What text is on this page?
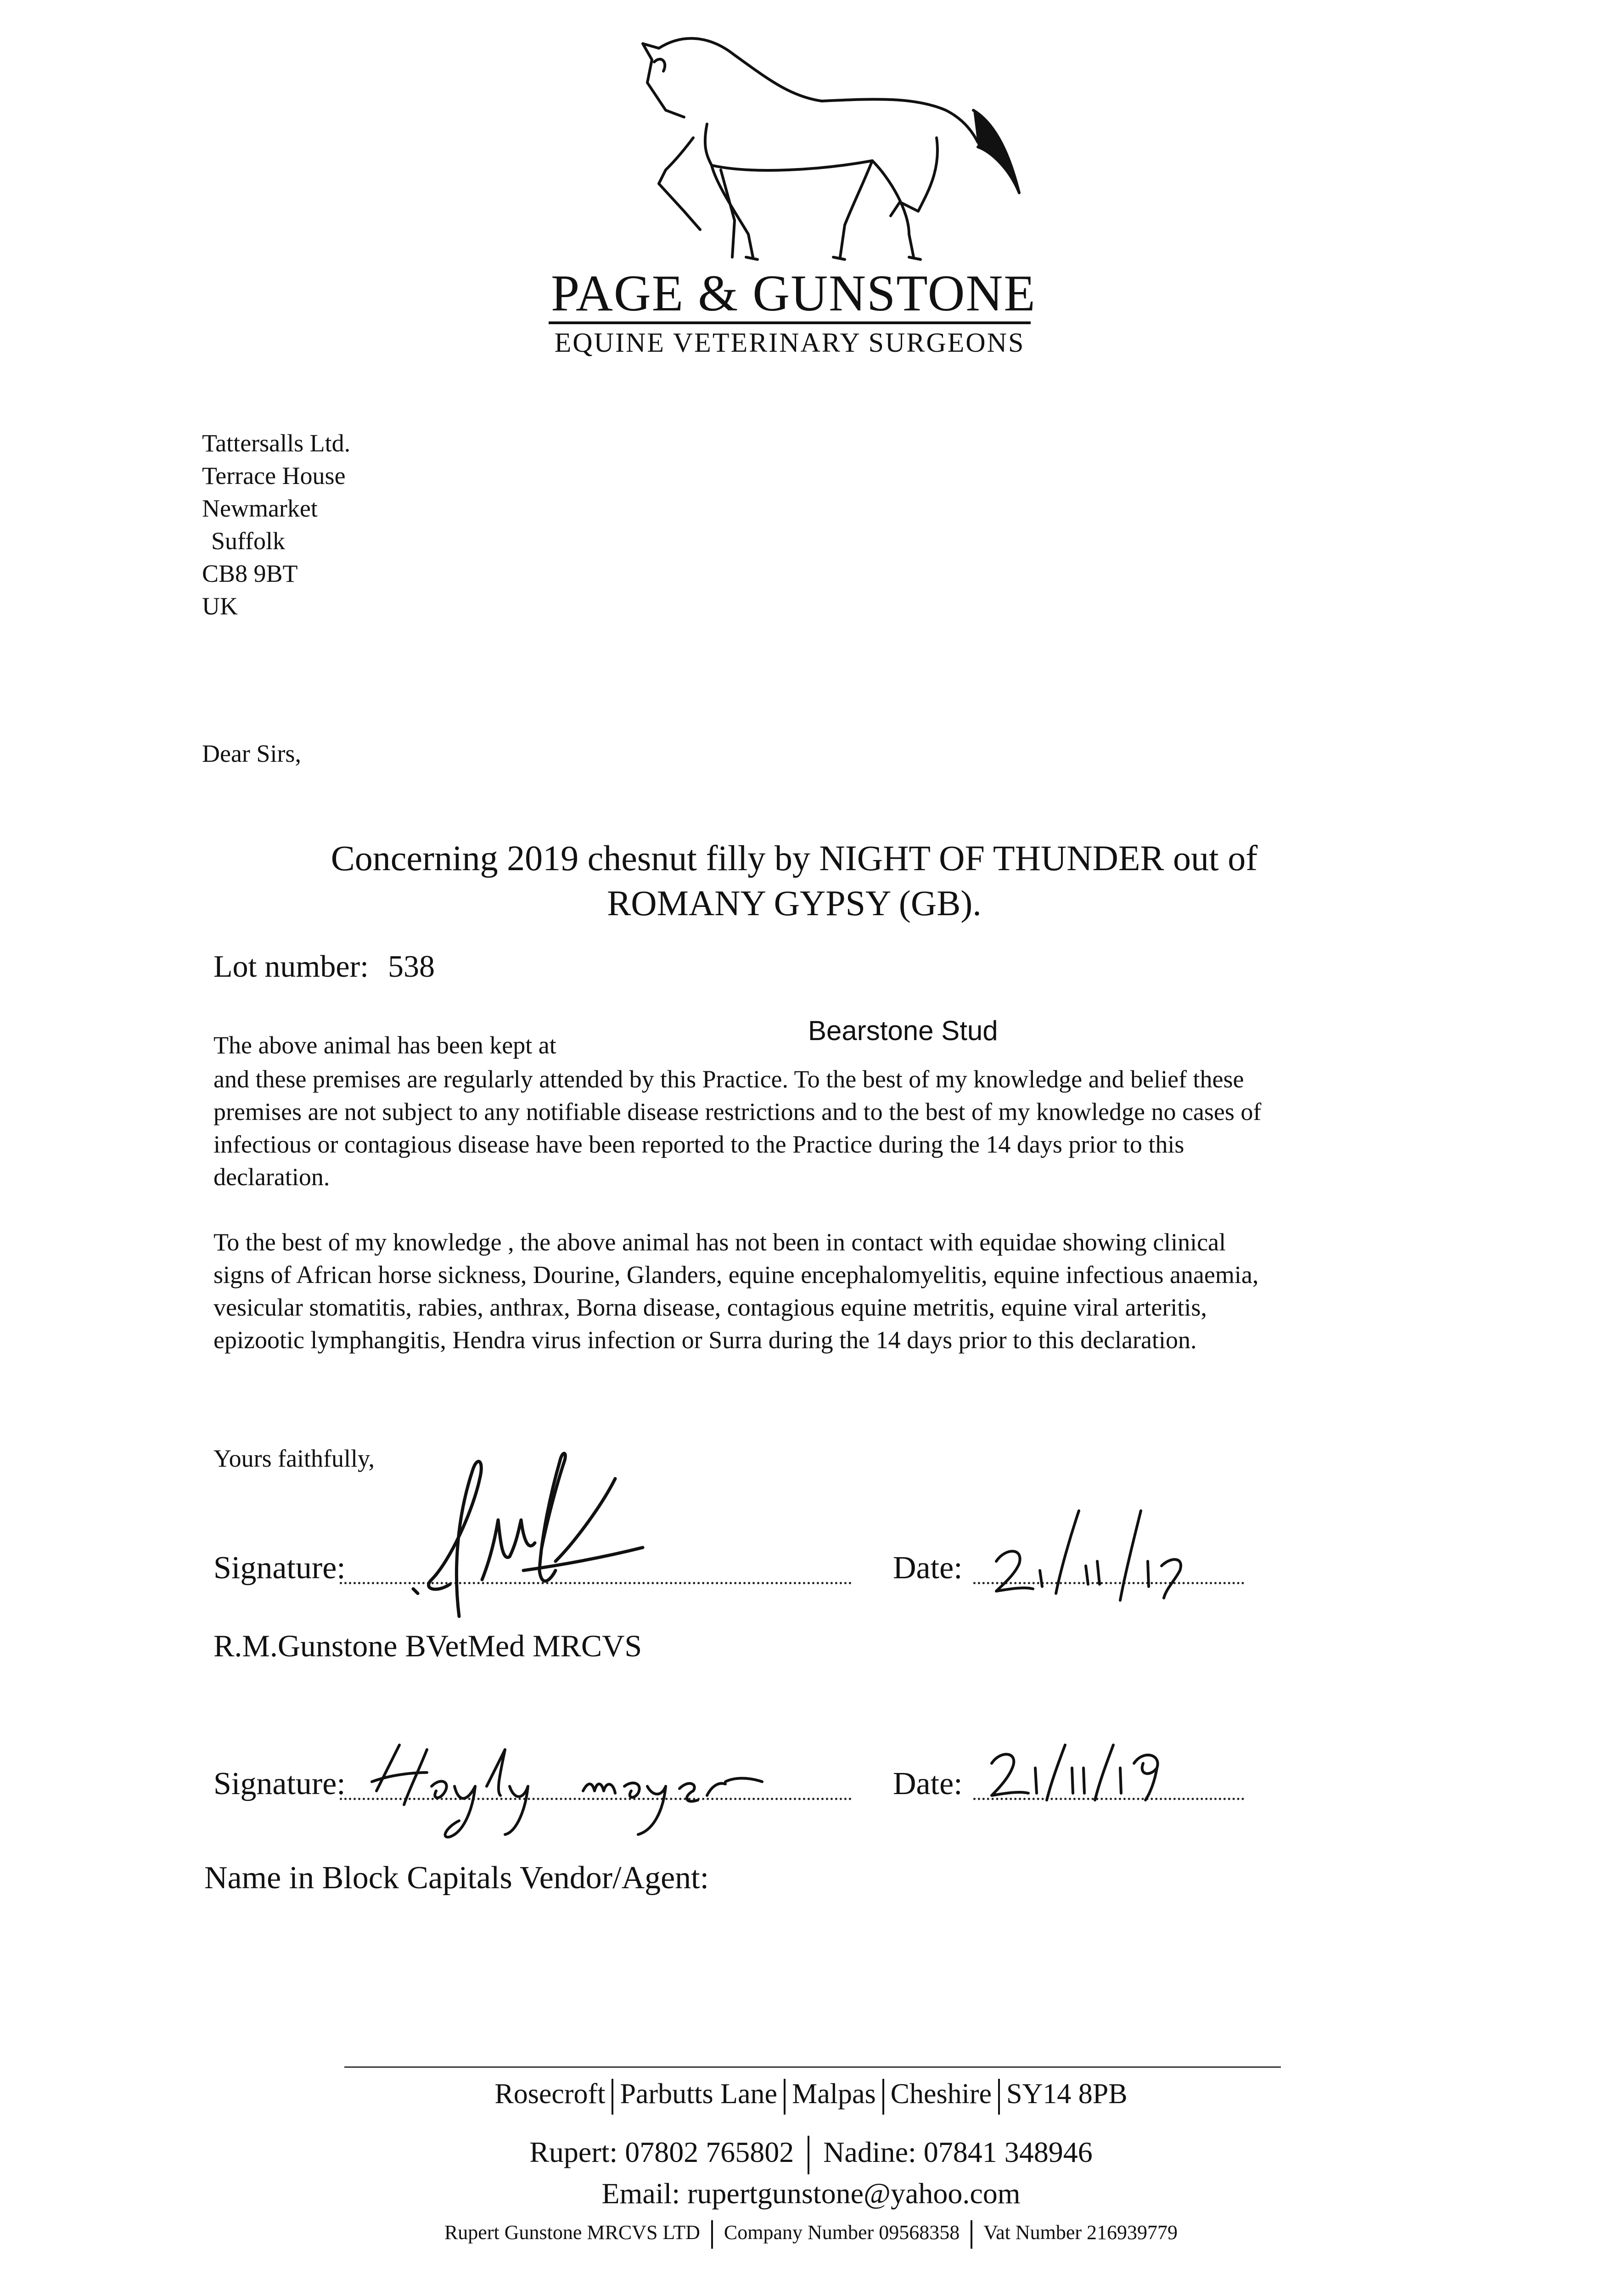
PAGE & GUNSTONE
EQUINE VETERINARY SURGEONS
Tattersalls Ltd.
Terrace House
Newmarket
Suffolk
CB8 9BT
UK
Dear Sirs,
Concerning 2019 chesnut filly by NIGHT OF THUNDER out of
ROMANY GYPSY (GB).
Lot number: 538
The above animal has been kept at	Bearstone Stud
and these premises are regularly attended by this Practice. To the best of my knowledge and belief these
premises are not subject to any notifiable disease restrictions and to the best of my knowledge no cases of
infectious or contagious disease have been reported to the Practice during the 14 days prior to this
declaration.
To the best of my knowledge , the above animal has not been in contact with equidae showing clinical
signs of African horse sickness, Dourine, Glanders, equine encephalomyelitis, equine infectious anaemia,
vesicular stomatitis, rabies, anthrax, Borna disease, contagious equine metritis, equine viral arteritis,
epizootic lymphangitis, Hendra virus infection or Surra during the 14 days prior to this declaration.
Yours faithfully,
Signature:	Date:
R.M.Gunstone BVetMed MRCVS
Signature:	Date:
Name in Block Capitals Vendor/Agent:
Rosecroft Parbutts Lane Malpas Cheshire SY14 8PB
Rupert: 07802 765802 Nadine: 07841 348946
Email: rupertgunstone@yahoo.com
Rupert Gunstone MRCVS LTD Company Number 09568358 Vat Number 216939779
